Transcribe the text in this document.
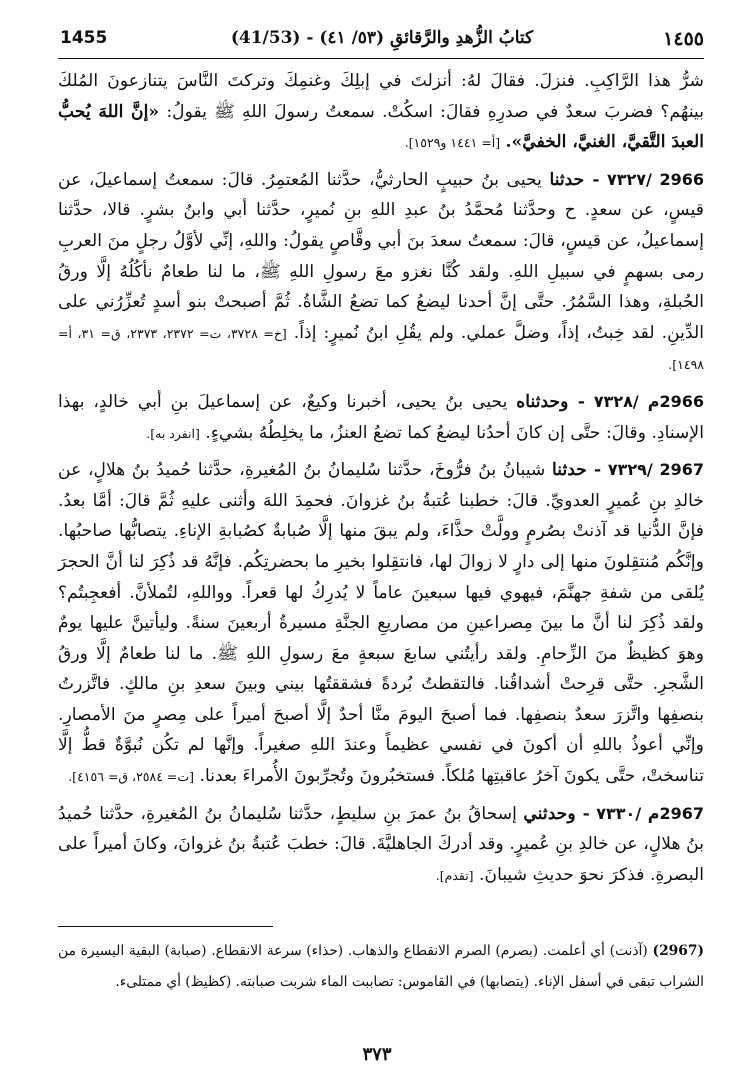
1455	(41/53) - كتابُ الزُّهدِ والرَّقائقِ (٥٣/ ٤١)	١٤٥٥

شرُّ هذا الرَّاكِبِ. فنزلَ. فقالَ لهُ: أنزلتَ في إبلِكَ وغنمِكَ وتركتَ النَّاسَ يتنازعونَ المُلكَ بينهُم؟ فضربَ سعدٌ في صدرِهِ فقالَ: اسكُتْ. سمعتُ رسولَ اللهِ ﷺ يقولُ: «إنَّ اللهَ يُحبُّ العبدَ التَّقيَّ، الغنيَّ، الخفيَّ». [أ= ١٤٤١ و١٥٢٩].

2966 /٧٣٢٧ - حدثنا يحيى بنُ حبيبٍ الحارثيُّ، حدَّثنا المُعتمِرُ. قالَ: سمعتُ إسماعيلَ، عن قيسٍ، عن سعدٍ. ح وحدَّثنا مُحمَّدُ بنُ عبدِ اللهِ بنِ نُميرٍ، حدَّثنا أبي وابنُ بشرٍ. قالا، حدَّثنا إسماعيلُ، عن قيسٍ، قالَ: سمعتُ سعدَ بنَ أبي وقَّاصٍ يقولُ: واللهِ، إنِّي لأوَّلُ رجلٍ منَ العربِ رمى بسهمٍ في سبيلِ اللهِ. ولقد كُنَّا نغزو معَ رسولِ اللهِ ﷺ، ما لنا طعامٌ نأكُلُهُ إلَّا ورقُ الحُبلةِ، وهذا السَّمُرُ. حتَّى إنَّ أحدنا ليضعُ كما تضعُ الشَّاةُ. ثُمَّ أصبحتْ بنو أسدٍ تُعزِّرُني على الدِّينِ. لقد خِبتُ، إذاً، وضلَّ عملي. ولم يقُلِ ابنُ نُميرٍ: إذاً. [خ= ٣٧٢٨، ت= ٢٣٧٢، ٢٣٧٣، ق= ٣١، أ= ١٤٩٨].

2966م /٧٣٢٨ - وحدثناه يحيى بنُ يحيى، أخبرنا وكيعٌ، عن إسماعيلَ بنِ أبي خالدٍ، بهذا الإسنادِ. وقالَ: حتَّى إن كانَ أحدُنا ليضعُ كما تضعُ العنزُ، ما يخلِطُهُ بشيءٍ. [انفرد به].

2967 /٧٣٢٩ - حدثنا شيبانُ بنُ فرُّوخَ، حدَّثنا سُليمانُ بنُ المُغيرةِ، حدَّثنا حُميدُ بنُ هلالٍ، عن خالدِ بنِ عُميرٍ العدويِّ. قالَ: خطبنا عُتبةُ بنُ غزوانَ. فحمِدَ اللهَ وأثنى عليهِ ثُمَّ قالَ: أمَّا بعدُ. فإنَّ الدُّنيا قد آذنتْ بصُرمٍ وولَّتْ حذَّاءَ، ولم يبقَ منها إلَّا صُبابةٌ كصُبابةِ الإناءِ. يتصابُّها صاحبُها. وإنَّكُم مُنتقِلونَ منها إلى دارٍ لا زوالَ لها، فانتقِلوا بخيرِ ما بحضرتِكُم. فإنَّهُ قد ذُكِرَ لنا أنَّ الحجرَ يُلقى من شفةِ جهنَّمَ، فيهوي فيها سبعينَ عاماً لا يُدرِكُ لها قعراً. وواللهِ، لتُملأنَّ. أفعجِبتُم؟ ولقد ذُكِرَ لنا أنَّ ما بينَ مِصراعينِ من مصاريعِ الجنَّةِ مسيرةُ أربعينَ سنةً. وليأتينَّ عليها يومٌ وهوَ كظيظٌ منَ الزِّحامِ. ولقد رأيتُني سابعَ سبعةٍ معَ رسولِ اللهِ ﷺ. ما لنا طعامٌ إلَّا ورقُ الشَّجرِ. حتَّى قرِحتْ أشداقُنا. فالتقطتُ بُردةً فشققتُها بيني وبينَ سعدِ بنِ مالكٍ. فاتَّزرتُ بنصفِها واتَّزرَ سعدٌ بنصفِها. فما أصبحَ اليومَ منَّا أحدٌ إلَّا أصبحَ أميراً على مِصرٍ منَ الأمصارِ. وإنِّي أعوذُ باللهِ أن أكونَ في نفسي عظيماً وعندَ اللهِ صغيراً. وإنَّها لم تكُن نُبوَّةٌ قطُّ إلَّا تناسختْ، حتَّى يكونَ آخرُ عاقبتِها مُلكاً. فستخبُرونَ وتُجرِّبونَ الأُمراءَ بعدنا. [ت= ٢٥٨٤، ق= ٤١٥٦].

2967م /٧٣٣٠ - وحدثني إسحاقُ بنُ عمرَ بنِ سليطٍ، حدَّثنا سُليمانُ بنُ المُغيرةِ، حدَّثنا حُميدُ بنُ هلالٍ، عن خالدِ بنِ عُميرٍ. وقد أدركَ الجاهليَّةَ. قالَ: خطبَ عُتبةُ بنُ غزوانَ، وكانَ أميراً على البصرةِ. فذكرَ نحوَ حديثِ شيبانَ. [تقدم].

(2967) (آذنت) أي أعلمت. (بصرم) الصرم الانقطاع والذهاب. (حذاء) سرعة الانقطاع. (صبابة) البقية اليسيرة من الشراب تبقى في أسفل الإناء. (يتصابها) في القاموس: تصاببت الماء شربت صبابته. (كظيظ) أي ممتلىء.
٣٧٣
